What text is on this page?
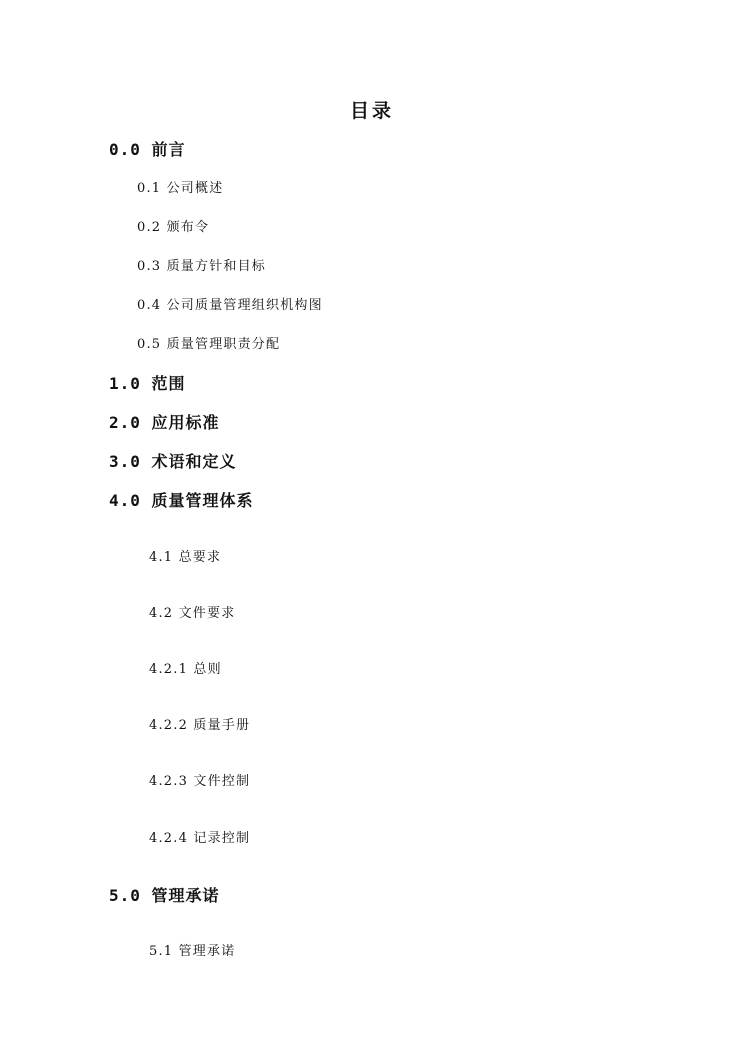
目录
0.0 前言
0.1 公司概述
0.2 颁布令
0.3 质量方针和目标
0.4 公司质量管理组织机构图
0.5 质量管理职责分配
1.0 范围
2.0 应用标准
3.0 术语和定义
4.0 质量管理体系
4.1 总要求
4.2 文件要求
4.2.1 总则
4.2.2 质量手册
4.2.3 文件控制
4.2.4 记录控制
5.0 管理承诺
5.1 管理承诺
